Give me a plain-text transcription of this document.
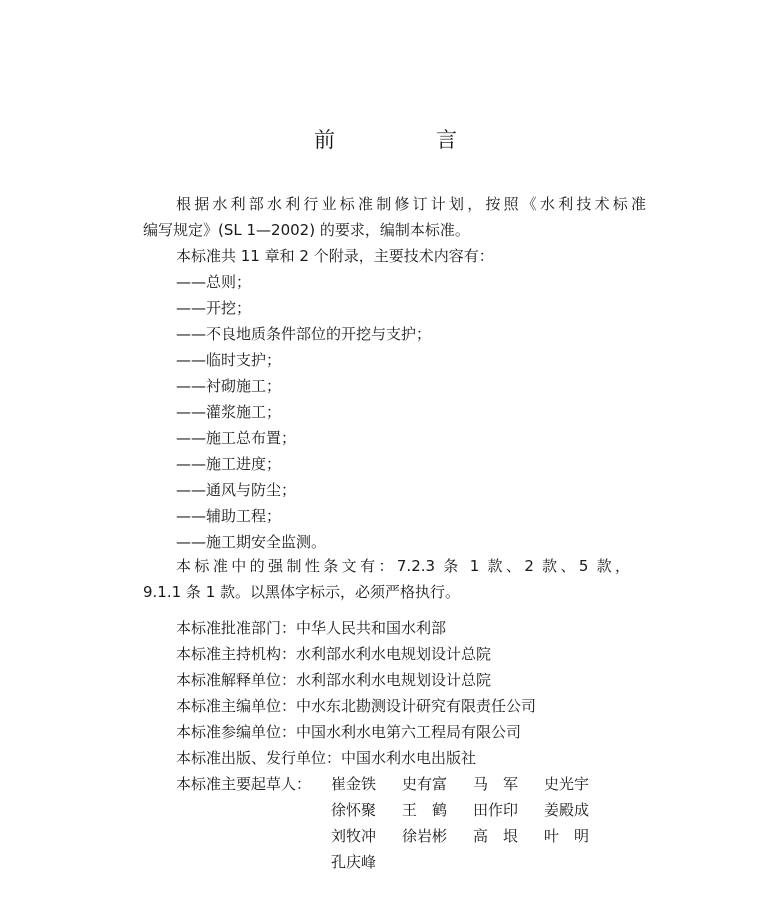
前　言
根据水利部水利行业标准制修订计划，按照《水利技术标准
编写规定》(SL 1—2002) 的要求，编制本标准。
本标准共 11 章和 2 个附录，主要技术内容有：
——总则；
——开挖；
——不良地质条件部位的开挖与支护；
——临时支护；
——衬砌施工；
——灌浆施工；
——施工总布置；
——施工进度；
——通风与防尘；
——辅助工程；
——施工期安全监测。
本标准中的强制性条文有：7.2.3 条 1 款、2 款、5 款，
9.1.1 条 1 款。以黑体字标示，必须严格执行。
本标准批准部门：中华人民共和国水利部
本标准主持机构：水利部水利水电规划设计总院
本标准解释单位：水利部水利水电规划设计总院
本标准主编单位：中水东北勘测设计研究有限责任公司
本标准参编单位：中国水利水电第六工程局有限公司
本标准出版、发行单位：中国水利水电出版社
本标准主要起草人： 崔金铁 史有富 马　军 史光宇
徐怀聚 王　鹤 田作印 姜殿成
刘牧冲 徐岩彬 高　垠 叶　明
孔庆峰
